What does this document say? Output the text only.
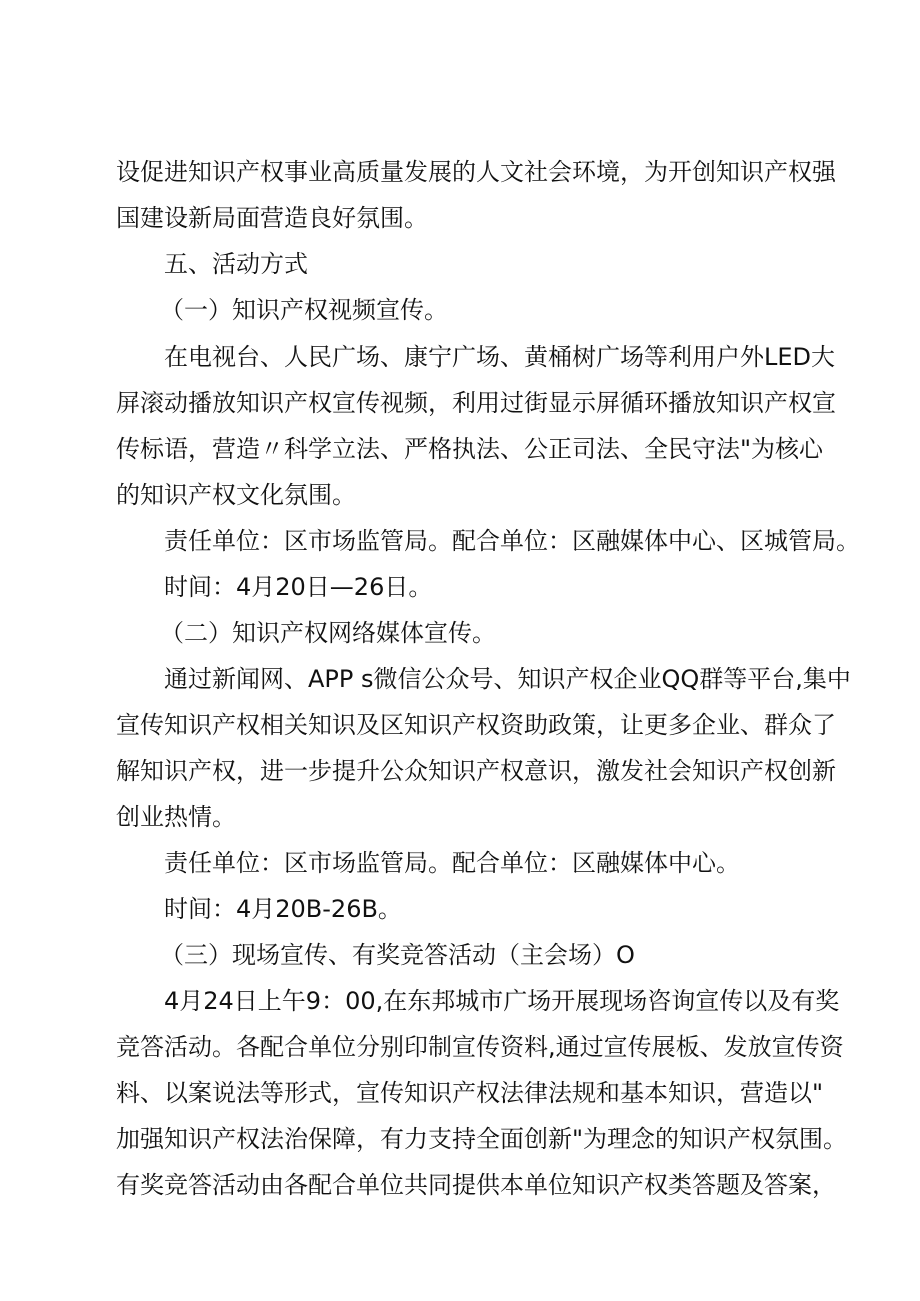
设促进知识产权事业高质量发展的人文社会环境，为开创知识产权强
国建设新局面营造良好氛围。
五、活动方式
（一）知识产权视频宣传。
在电视台、人民广场、康宁广场、黄桶树广场等利用户外LED大
屏滚动播放知识产权宣传视频，利用过街显示屏循环播放知识产权宣
传标语，营造〃科学立法、严格执法、公正司法、全民守法"为核心
的知识产权文化氛围。
责任单位：区市场监管局。配合单位：区融媒体中心、区城管局。
时间：4月20日—26日。
（二）知识产权网络媒体宣传。
通过新闻网、APP s微信公众号、知识产权企业QQ群等平台,集中
宣传知识产权相关知识及区知识产权资助政策，让更多企业、群众了
解知识产权，进一步提升公众知识产权意识，激发社会知识产权创新
创业热情。
责任单位：区市场监管局。配合单位：区融媒体中心。
时间：4月20B-26B。
（三）现场宣传、有奖竞答活动（主会场）O
4月24日上午9：00,在东邦城市广场开展现场咨询宣传以及有奖
竞答活动。各配合单位分别印制宣传资料,通过宣传展板、发放宣传资
料、以案说法等形式，宣传知识产权法律法规和基本知识，营造以"
加强知识产权法治保障，有力支持全面创新"为理念的知识产权氛围。
有奖竞答活动由各配合单位共同提供本单位知识产权类答题及答案，
